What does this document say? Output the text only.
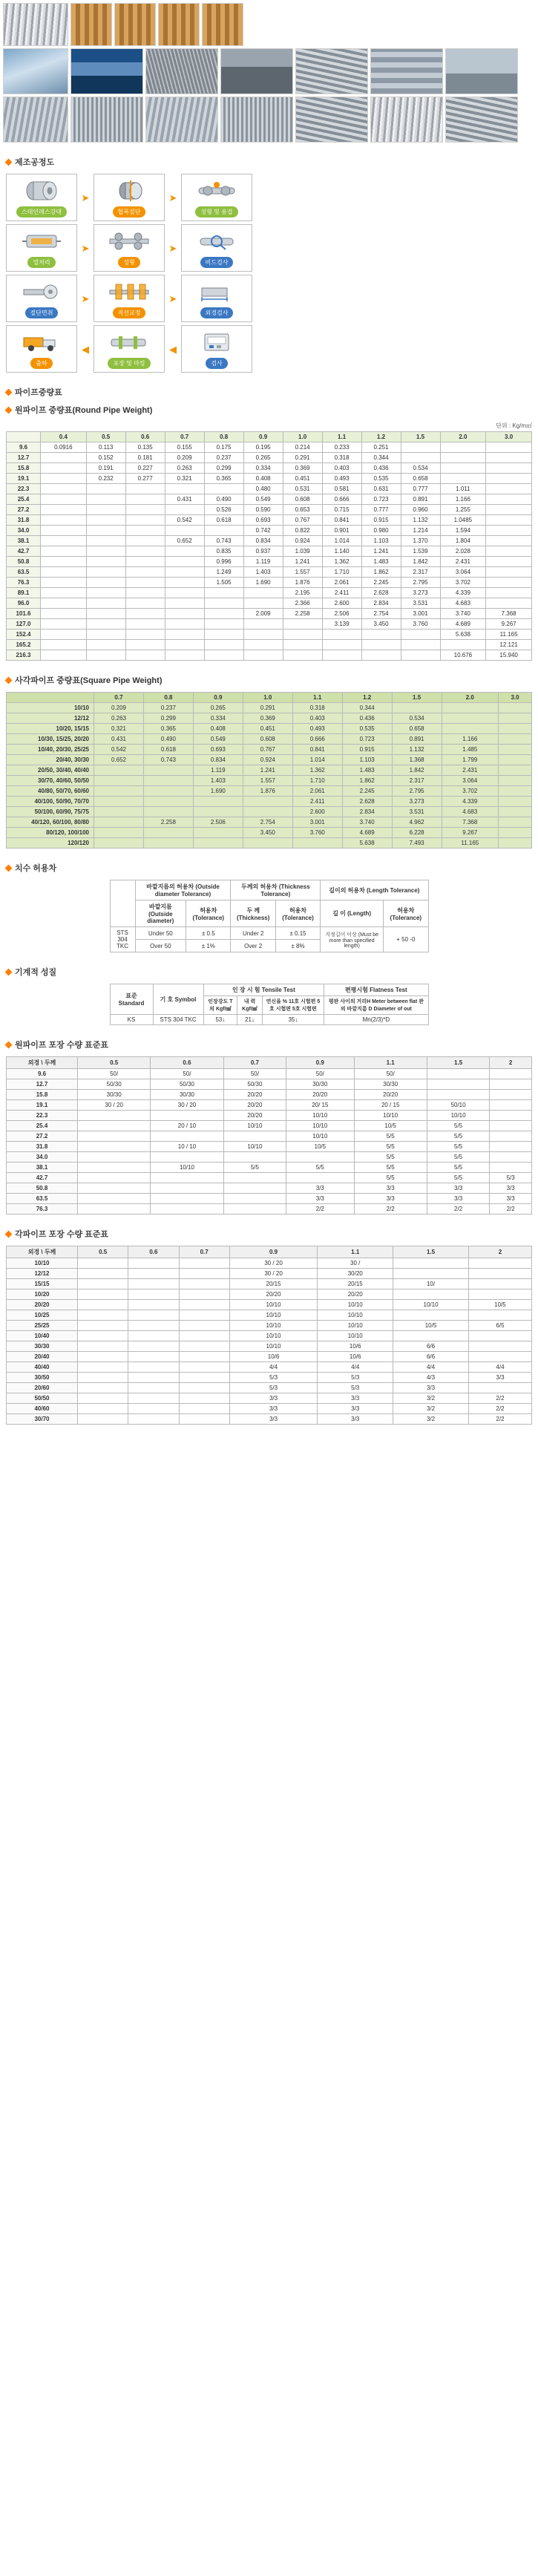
제조공정도
스테인레스강대
➤
협폭절단
➤
성형 및 용접
열처리
➤
성형
➤
비드검사
절단면취
➤
직선교정
➤
외경검사
출하
◀
포장 및 마킹
◀
검사
파이프중량표
원파이프 중량표(Round Pipe Weight)
단위 : Kg/m㎡
	0.4	0.5	0.6	0.7	0.8	0.9	1.0	1.1	1.2	1.5	2.0	3.0
9.6	0.0916	0.113	0.135	0.155	0.175	0.195	0.214	0.233	0.251			
12.7		0.152	0.181	0.209	0.237	0.265	0.291	0.318	0.344			
15.8		0.191	0.227	0.263	0.299	0.334	0.369	0.403	0.436	0.534		
19.1		0.232	0.277	0.321	0.365	0.408	0.451	0.493	0.535	0.658		
22.3						0.480	0.531	0.581	0.631	0.777	1.011	
25.4				0.431	0.490	0.549	0.608	0.666	0.723	0.891	1.166	
27.2					0.526	0.590	0.653	0.715	0.777	0.960	1.255	
31.8				0.542	0.618	0.693	0.767	0.841	0.915	1.132	1.0485	
34.0						0.742	0.822	0.901	0.980	1.214	1.594	
38.1				0.652	0.743	0.834	0.924	1.014	1.103	1.370	1.804	
42.7					0.835	0.937	1.039	1.140	1.241	1.539	2.028	
50.8					0.996	1.119	1.241	1.362	1.483	1.842	2.431	
63.5					1.249	1.403	1.557	1.710	1.862	2.317	3.064	
76.3					1.505	1.690	1.876	2.061	2.245	2.795	3.702	
89.1							2.195	2.411	2.628	3.273	4.339	
96.0							2.366	2.600	2.834	3.531	4.683	
101.6						2.009	2.258	2.506	2.754	3.001	3.740	7.368
127.0								3.139	3.450	3.760	4.689	9.267
152.4											5.638	11.165
165.2												12.121
216.3											10.676	15.940
사각파이프 중량표(Square Pipe Weight)
	0.7	0.8	0.9	1.0	1.1	1.2	1.5	2.0	3.0
10/10	0.209	0.237	0.265	0.291	0.318	0.344			
12/12	0.263	0.299	0.334	0.369	0.403	0.436	0.534		
10/20, 15/15	0.321	0.365	0.408	0.451	0.493	0.535	0.658		
10/30, 15/25, 20/20	0.431	0.490	0.549	0.608	0.666	0.723	0.891	1.166	
10/40, 20/30, 25/25	0.542	0.618	0.693	0.767	0.841	0.915	1.132	1.485	
20/40, 30/30	0.652	0.743	0.834	0.924	1.014	1.103	1.368	1.799	
20/50, 30/40, 40/40			1.119	1.241	1.362	1.483	1.842	2.431	
30/70, 40/60, 50/50			1.403	1.557	1.710	1.862	2.317	3.064	
40/80, 50/70, 60/60			1.690	1.876	2.061	2.245	2.795	3.702	
40/100, 50/90, 70/70					2.411	2.628	3.273	4.339	
50/100, 60/90, 75/75					2.600	2.834	3.531	4.683	
40/120, 60/100, 80/80		2.258	2.506	2.754	3.001	3.740	4.962	7.368	
80/120, 100/100				3.450	3.760	4.689	6.228	9.267	
120/120						5.638	7.493	11.165	
치수 허용차
	바깥지름의 허용차 (Outside diameter Tolerance)		두께의 허용차 (Thickness Tolerance)		길이의 허용차 (Length Tolerance)	
	바깥지름 (Outside diameter)	허용차 (Tolerance)	두 께 (Thickness)	허용차 (Tolerance)	길 이 (Length)	허용차 (Tolerance)
STS 304 TKC	Under 50	± 0.5	Under 2	± 0.15	지정길이 이상 (Must be more than specified length)	+ 50 -0
	Over 50	± 1%	Over 2	± 8%		
기계적 성질
표준 Standard	기 호 Symbol	인 장 시 험 Tensile Test			편평시험 Flatness Test
		인장강도 T의 Kgf/㎟	내 력 Kgf/㎟	연신율 % 11호 시험편 5호 시험편 5호 시험편	평판 사이의 거리H Meter between flat 관의 바깥지름 D Diameter of out
KS	STS 304 TKC	53↓	21↓	35↓	Mn(2/3)*D
원파이프 포장 수량 표준표
외경 \ 두께	0.5	0.6	0.7	0.9	1.1	1.5	2
9.6	50/	50/	50/	50/	50/		
12.7	50/30	50/30	50/30	30/30	30/30		
15.8	30/30	30/30	20/20	20/20	20/20		
19.1	30 / 20	30 / 20	20/20	20/ 15	20 / 15	50/10	
22.3			20/20	10/10	10/10	10/10	
25.4		20 / 10	10/10	10/10	10/5	5/5	
27.2				10/10	5/5	5/5	
31.8		10 / 10	10/10	10/5	5/5	5/5	
34.0					5/5	5/5	
38.1		10/10	5/5	5/5	5/5	5/5	
42.7					5/5	5/5	5/3
50.8				3/3	3/3	3/3	3/3
63.5				3/3	3/3	3/3	3/3
76.3				2/2	2/2	2/2	2/2
각파이프 포장 수량 표준표
외경 \ 두께	0.5	0.6	0.7	0.9	1.1	1.5	2
10/10				30 / 20	30 /		
12/12				30 / 20	30/20		
15/15				20/15	20/15	10/	
10/20				20/20	20/20		
20/20				10/10	10/10	10/10	10/5
10/25				10/10	10/10		
25/25				10/10	10/10	10/5	6/5
10/40				10/10	10/10		
30/30				10/10	10/6	6/6	
20/40				10/6	10/6	6/6	
40/40				4/4	4/4	4/4	4/4
30/50				5/3	5/3	4/3	3/3
20/60				5/3	5/3	3/3	
50/50				3/3	3/3	3/2	2/2
40/60				3/3	3/3	3/2	2/2
30/70				3/3	3/3	3/2	2/2
